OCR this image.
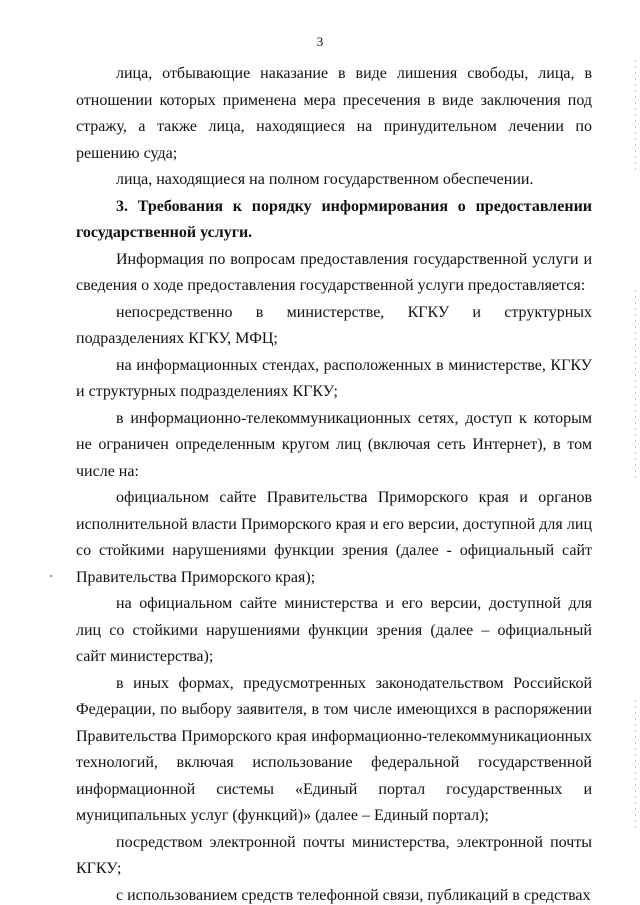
3

лица, отбывающие наказание в виде лишения свободы, лица, в отношении которых применена мера пресечения в виде заключения под стражу, а также лица, находящиеся на принудительном лечении по решению суда;

лица, находящиеся на полном государственном обеспечении.

3. Требования к порядку информирования о предоставлении государственной услуги.

Информация по вопросам предоставления государственной услуги и сведения о ходе предоставления государственной услуги предоставляется:

непосредственно в министерстве, КГКУ и структурных подразделениях КГКУ, МФЦ;

на информационных стендах, расположенных в министерстве, КГКУ и структурных подразделениях КГКУ;

в информационно-телекоммуникационных сетях, доступ к которым не ограничен определенным кругом лиц (включая сеть Интернет), в том числе на:

официальном сайте Правительства Приморского края и органов исполнительной власти Приморского края и его версии, доступной для лиц со стойкими нарушениями функции зрения (далее - официальный сайт Правительства Приморского края);

на официальном сайте министерства и его версии, доступной для лиц со стойкими нарушениями функции зрения (далее – официальный сайт министерства);

в иных формах, предусмотренных законодательством Российской Федерации, по выбору заявителя, в том числе имеющихся в распоряжении Правительства Приморского края информационно-телекоммуникационных технологий, включая использование федеральной государственной информационной системы «Единый портал государственных и муниципальных услуг (функций)» (далее – Единый портал);

посредством электронной почты министерства, электронной почты КГКУ;

с использованием средств телефонной связи, публикаций в средствах
